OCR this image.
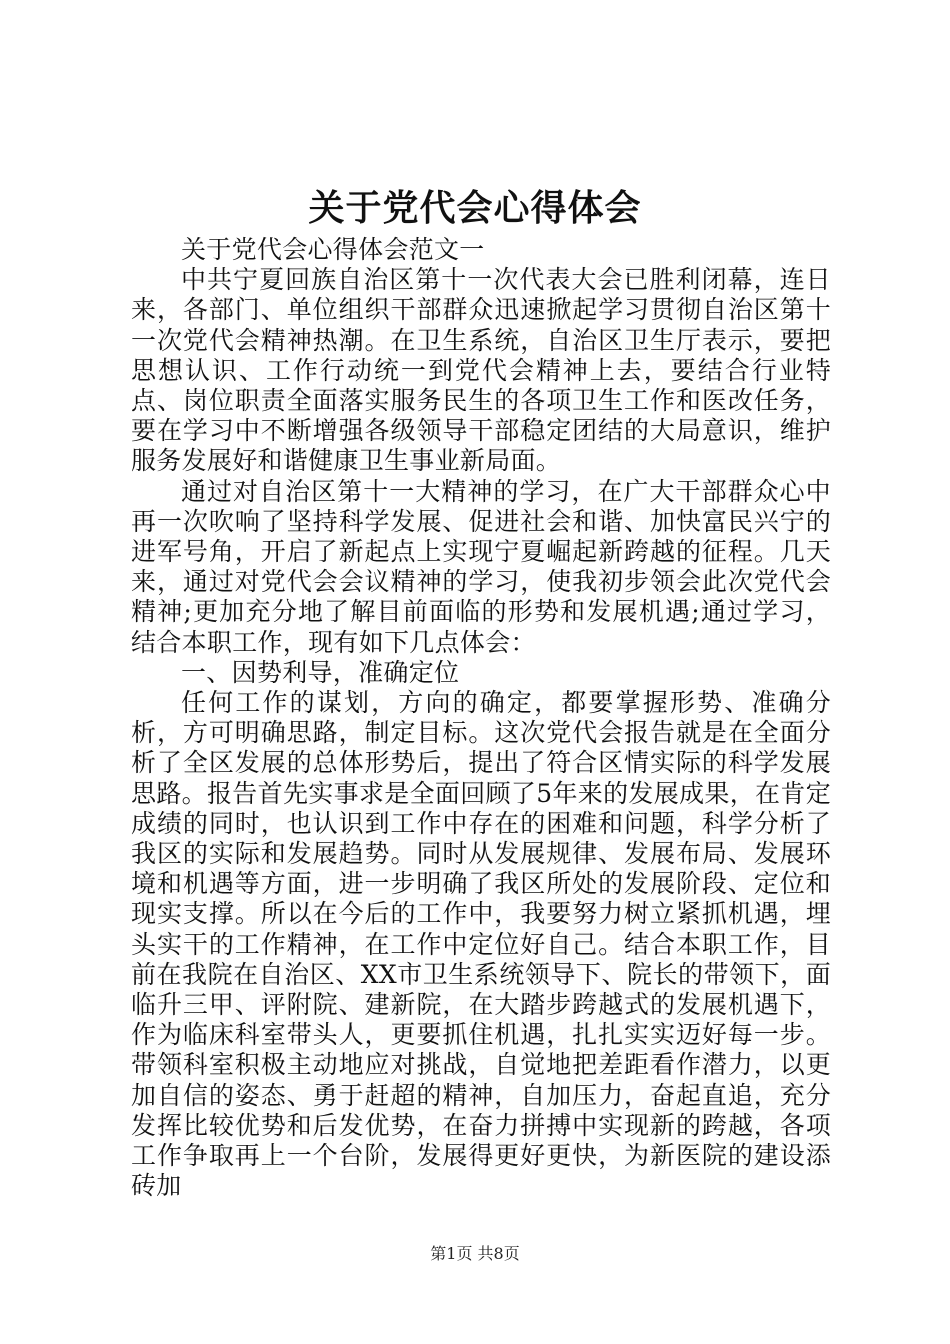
关于党代会心得体会

关于党代会心得体会范文一

中共宁夏回族自治区第十一次代表大会已胜利闭幕，连日来，各部门、单位组织干部群众迅速掀起学习贯彻自治区第十一次党代会精神热潮。在卫生系统，自治区卫生厅表示，要把思想认识、工作行动统一到党代会精神上去，要结合行业特点、岗位职责全面落实服务民生的各项卫生工作和医改任务，要在学习中不断增强各级领导干部稳定团结的大局意识，维护服务发展好和谐健康卫生事业新局面。

通过对自治区第十一大精神的学习，在广大干部群众心中再一次吹响了坚持科学发展、促进社会和谐、加快富民兴宁的进军号角，开启了新起点上实现宁夏崛起新跨越的征程。几天来，通过对党代会会议精神的学习，使我初步领会此次党代会精神;更加充分地了解目前面临的形势和发展机遇;通过学习，结合本职工作，现有如下几点体会：

一、因势利导，准确定位

任何工作的谋划，方向的确定，都要掌握形势、准确分析，方可明确思路，制定目标。这次党代会报告就是在全面分析了全区发展的总体形势后，提出了符合区情实际的科学发展思路。报告首先实事求是全面回顾了5年来的发展成果，在肯定成绩的同时，也认识到工作中存在的困难和问题，科学分析了我区的实际和发展趋势。同时从发展规律、发展布局、发展环境和机遇等方面，进一步明确了我区所处的发展阶段、定位和现实支撑。所以在今后的工作中，我要努力树立紧抓机遇，埋头实干的工作精神，在工作中定位好自己。结合本职工作，目前在我院在自治区、XX市卫生系统领导下、院长的带领下，面临升三甲、评附院、建新院，在大踏步跨越式的发展机遇下，作为临床科室带头人，更要抓住机遇，扎扎实实迈好每一步。带领科室积极主动地应对挑战，自觉地把差距看作潜力，以更加自信的姿态、勇于赶超的精神，自加压力，奋起直追，充分发挥比较优势和后发优势，在奋力拼搏中实现新的跨越，各项工作争取再上一个台阶，发展得更好更快，为新医院的建设添砖加

第1页 共8页
